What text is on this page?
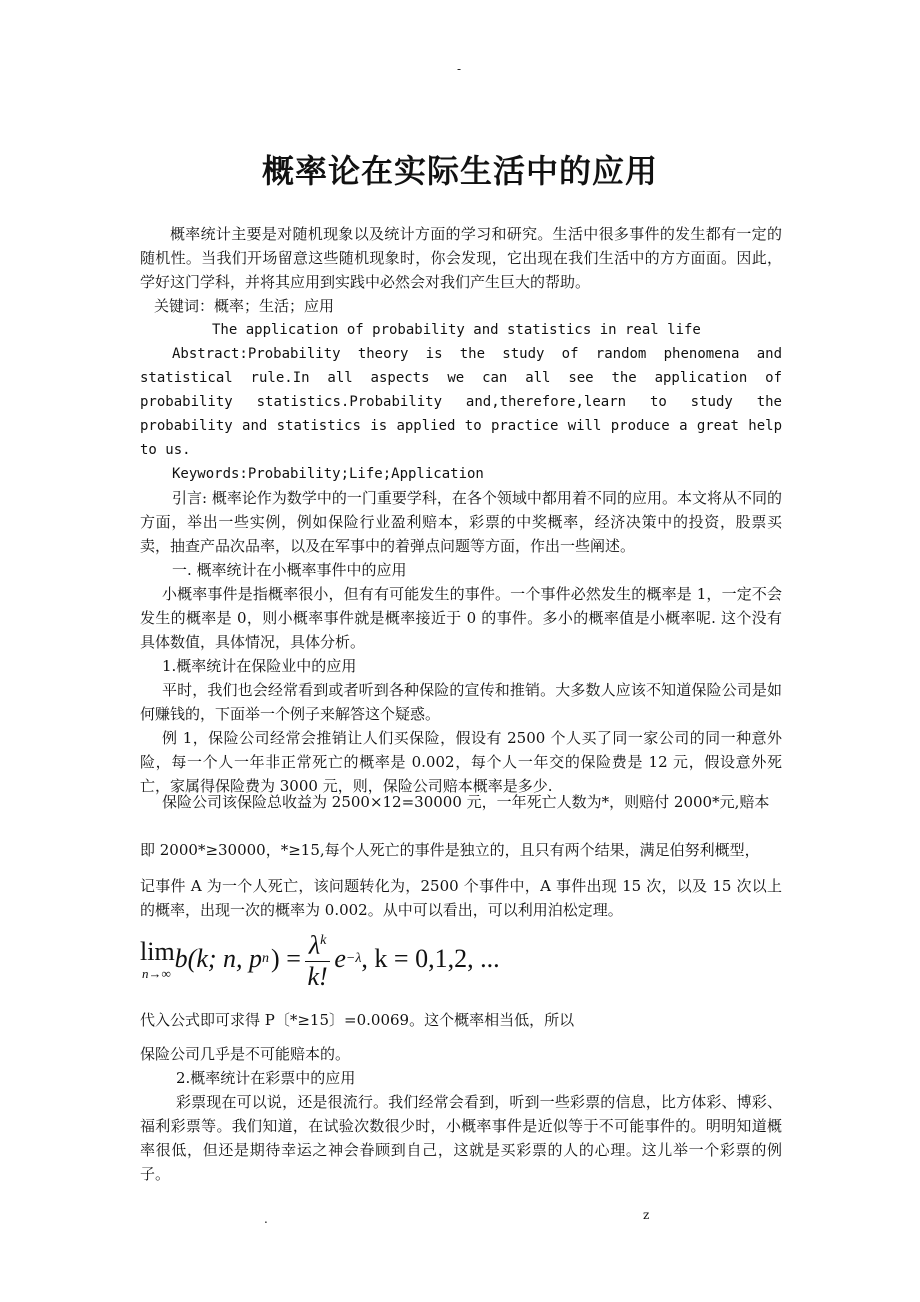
-
概率论在实际生活中的应用

概率统计主要是对随机现象以及统计方面的学习和研究。生活中很多事件的发生都有一定的随机性。当我们开场留意这些随机现象时，你会发现，它出现在我们生活中的方方面面。因此，学好这门学科，并将其应用到实践中必然会对我们产生巨大的帮助。

关键词：概率；生活；应用

The application of probability and statistics in real life

Abstract:Probability theory is the study of random phenomena and statistical rule.In all aspects we can all see the application of probability statistics.Probability and,therefore,learn to study the probability and statistics is applied to practice will produce a great help to us.

Keywords:Probability;Life;Application

引言: 概率论作为数学中的一门重要学科，在各个领域中都用着不同的应用。本文将从不同的方面，举出一些实例，例如保险行业盈利赔本，彩票的中奖概率，经济决策中的投资，股票买卖，抽查产品次品率，以及在军事中的着弹点问题等方面，作出一些阐述。

一. 概率统计在小概率事件中的应用

小概率事件是指概率很小，但有有可能发生的事件。一个事件必然发生的概率是 1，一定不会发生的概率是 0，则小概率事件就是概率接近于 0 的事件。多小的概率值是小概率呢. 这个没有具体数值，具体情况，具体分析。

1.概率统计在保险业中的应用

平时，我们也会经常看到或者听到各种保险的宣传和推销。大多数人应该不知道保险公司是如何赚钱的，下面举一个例子来解答这个疑惑。

例 1，保险公司经常会推销让人们买保险，假设有 2500 个人买了同一家公司的同一种意外险，每一个人一年非正常死亡的概率是 0.002，每个人一年交的保险费是 12 元，假设意外死亡，家属得保险费为 3000 元，则，保险公司赔本概率是多少.

保险公司该保险总收益为 2500×12=30000 元，一年死亡人数为*，则赔付 2000*元,赔本

即 2000*≥30000，*≥15,每个人死亡的事件是独立的，且只有两个结果，满足伯努利概型，

记事件 A 为一个人死亡，该问题转化为，2500 个事件中，A 事件出现 15 次，以及 15 次以上的概率，出现一次的概率为 0.002。从中可以看出，可以利用泊松定理。

lim
n→∞
b(k; n, p n ) = $\frac{\lambda^k}{k!}$ e −λ , k = 0,1,2, ...

代入公式即可求得 P〔*≥15〕=0.0069。这个概率相当低，所以

保险公司几乎是不可能赔本的。

2.概率统计在彩票中的应用

彩票现在可以说，还是很流行。我们经常会看到，听到一些彩票的信息，比方体彩、博彩、福利彩票等。我们知道，在试验次数很少时，小概率事件是近似等于不可能事件的。明明知道概率很低，但还是期待幸运之神会眷顾到自己，这就是买彩票的人的心理。这儿举一个彩票的例子。

.	z
